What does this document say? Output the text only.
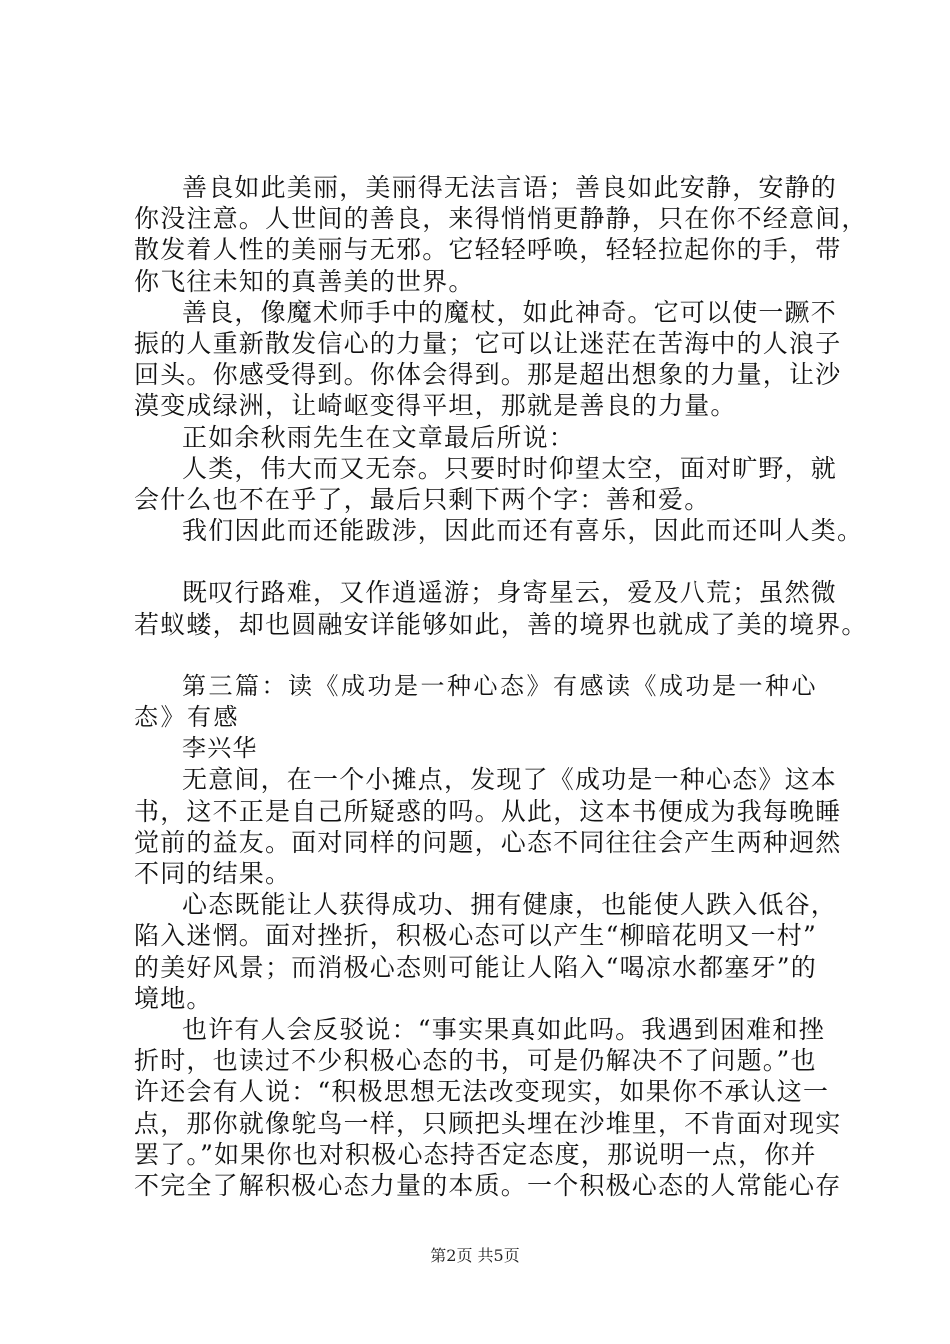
善良如此美丽，美丽得无法言语；善良如此安静，安静的
你没注意。人世间的善良，来得悄悄更静静，只在你不经意间，
散发着人性的美丽与无邪。它轻轻呼唤，轻轻拉起你的手，带
你飞往未知的真善美的世界。
善良，像魔术师手中的魔杖，如此神奇。它可以使一蹶不
振的人重新散发信心的力量；它可以让迷茫在苦海中的人浪子
回头。你感受得到。你体会得到。那是超出想象的力量，让沙
漠变成绿洲，让崎岖变得平坦，那就是善良的力量。
正如余秋雨先生在文章最后所说：
人类，伟大而又无奈。只要时时仰望太空，面对旷野，就
会什么也不在乎了，最后只剩下两个字：善和爱。
我们因此而还能跋涉，因此而还有喜乐，因此而还叫人类。
既叹行路难，又作逍遥游；身寄星云，爱及八荒；虽然微
若蚁蝼，却也圆融安详能够如此，善的境界也就成了美的境界。
第三篇：读《成功是一种心态》有感读《成功是一种心
态》有感
李兴华
无意间，在一个小摊点，发现了《成功是一种心态》这本
书，这不正是自己所疑惑的吗。从此，这本书便成为我每晚睡
觉前的益友。面对同样的问题，心态不同往往会产生两种迥然
不同的结果。
心态既能让人获得成功、拥有健康，也能使人跌入低谷，
陷入迷惘。面对挫折，积极心态可以产生“柳暗花明又一村”
的美好风景；而消极心态则可能让人陷入“喝凉水都塞牙”的
境地。
也许有人会反驳说：“事实果真如此吗。我遇到困难和挫
折时，也读过不少积极心态的书，可是仍解决不了问题。”也
许还会有人说：“积极思想无法改变现实，如果你不承认这一
点，那你就像鸵鸟一样，只顾把头埋在沙堆里，不肯面对现实
罢了。”如果你也对积极心态持否定态度，那说明一点，你并
不完全了解积极心态力量的本质。一个积极心态的人常能心存
第2页 共5页
